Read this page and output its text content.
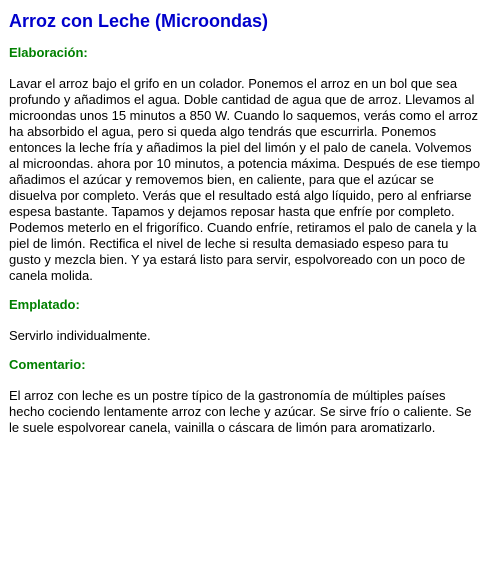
Arroz con Leche (Microondas)
Elaboración:

Lavar el arroz bajo el grifo en un colador. Ponemos el arroz en un bol que sea profundo y añadimos el agua. Doble cantidad de agua que de arroz. Llevamos al microondas unos 15 minutos a 850 W. Cuando lo saquemos, verás como el arroz ha absorbido el agua, pero si queda algo tendrás que escurrirla. Ponemos entonces la leche fría y añadimos la piel del limón y el palo de canela. Volvemos al microondas. ahora por 10 minutos, a potencia máxima. Después de ese tiempo añadimos el azúcar y removemos bien, en caliente, para que el azúcar se disuelva por completo. Verás que el resultado está algo líquido, pero al enfriarse espesa bastante. Tapamos y dejamos reposar hasta que enfríe por completo. Podemos meterlo en el frigorífico. Cuando enfríe, retiramos el palo de canela y la piel de limón. Rectifica el nivel de leche si resulta demasiado espeso para tu gusto y mezcla bien. Y ya estará listo para servir, espolvoreado con un poco de canela molida.

Emplatado:

Servirlo individualmente.

Comentario:

El arroz con leche es un postre típico de la gastronomía de múltiples países hecho cociendo lentamente arroz con leche y azúcar. Se sirve frío o caliente. Se le suele espolvorear canela, vainilla o cáscara de limón para aromatizarlo.
